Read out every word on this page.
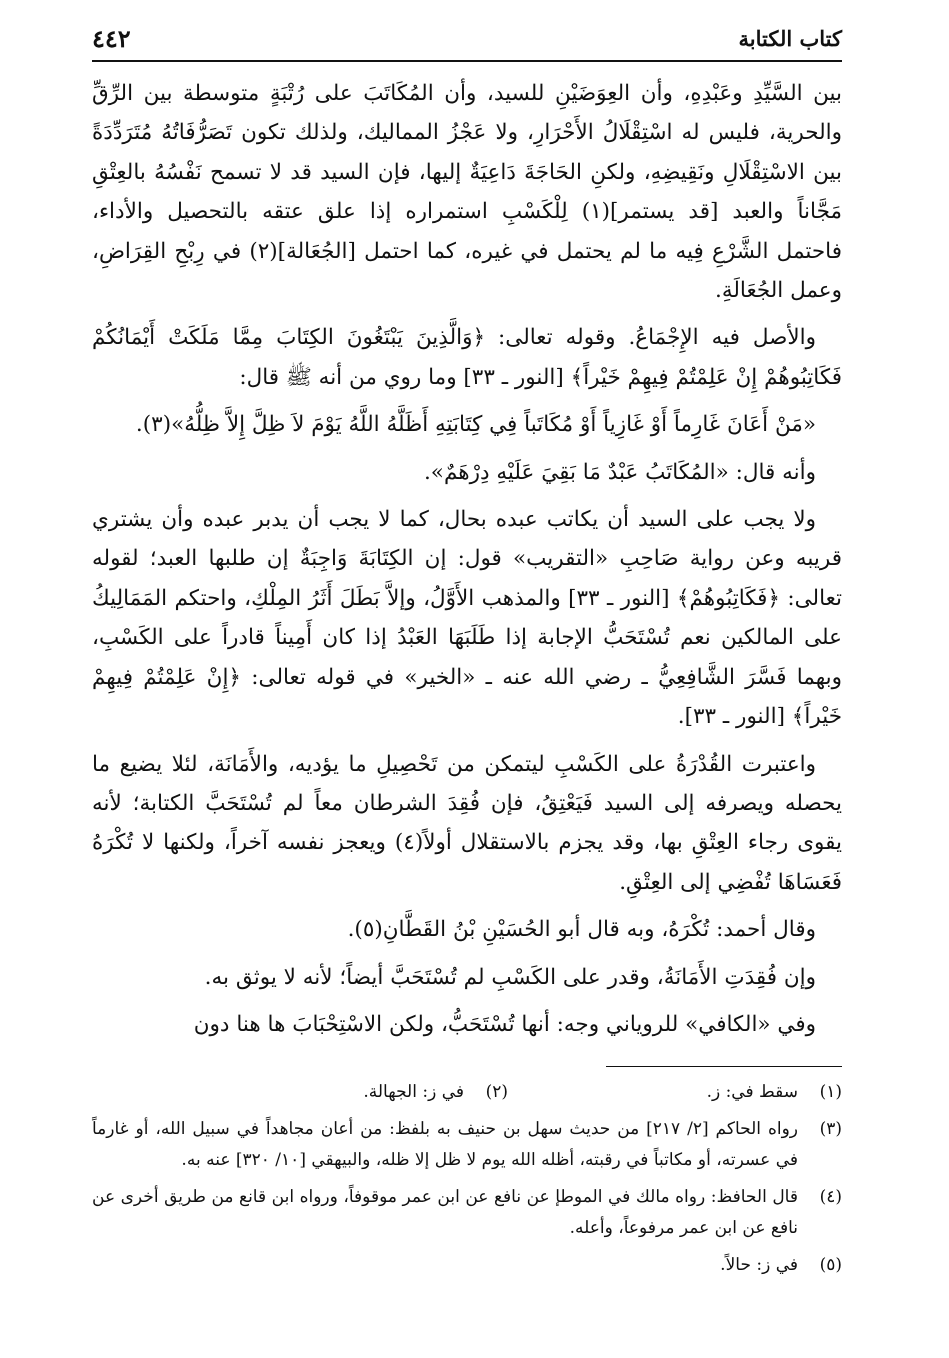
كتاب الكتابة
٤٤٢

بين السَّيِّدِ وعَبْدِهِ، وأن العِوَضَيْنِ للسيد، وأن المُكَاتَبَ على رُتْبَةٍ متوسطة بين الرِّقِّ والحرية، فليس له اسْتِقْلَالُ الأَحْرَارِ، ولا عَجْزُ المماليك، ولذلك تكون تَصَرُّفَاتُهُ مُتَرَدِّدَةً بين الاسْتِقْلَالِ ونَقِيضِهِ، ولكنِ الحَاجَةَ دَاعِيَةٌ إليها، فإن السيد قد لا تسمح نَفْسُهُ بالعِتْقِ مَجَّاناً والعبد [قد يستمر](١) لِلْكَسْبِ استمراره إذا علق عتقه بالتحصيل والأداء، فاحتمل الشَّرْعِ فِيه ما لم يحتمل في غيره، كما احتمل [الجُعَالة](٢) في رِبْحِ القِرَاضِ، وعمل الجُعَالَةِ.

والأصل فيه الإِجْمَاعُ. وقوله تعالى: ﴿وَالَّذِينَ يَبْتَغُونَ الكِتَابَ مِمَّا مَلَكَتْ أَيْمَانُكُمْ فَكَاتِبُوهُمْ إِنْ عَلِمْتُمْ فِيهِمْ خَيْراً﴾ [النور ـ ٣٣] وما روي من أنه ﷺ قال:

«مَنْ أَعَانَ غَارِماً أَوْ غَازِياً أَوْ مُكَاتَباً فِي كِتَابَتِهِ أَظَلَّهُ اللَّهُ يَوْمَ لاَ ظِلَّ إِلاَّ ظِلُّهُ»(٣).

وأنه قال: «المُكَاتَبُ عَبْدٌ مَا بَقِيَ عَلَيْهِ دِرْهَمٌ».

ولا يجب على السيد أن يكاتب عبده بحال، كما لا يجب أن يدبر عبده وأن يشتري قريبه وعن رواية صَاحِبِ «التقريب» قول: إن الكِتَابَةَ وَاجِبَةٌ إن طلبها العبد؛ لقوله تعالى: ﴿فَكَاتِبُوهُمْ﴾ [النور ـ ٣٣] والمذهب الأَوَّلُ، وإلاَّ بَطَلَ أَثَرُ المِلْكِ، واحتكم المَمَالِيكُ على المالكين نعم تُسْتَحَبُّ الإجابة إذا طَلَبَهَا العَبْدُ إذا كان أَمِيناً قادراً على الكَسْبِ، وبهما فَسَّرَ الشَّافِعِيُّ ـ رضي الله عنه ـ «الخير» في قوله تعالى: ﴿إِنْ عَلِمْتُمْ فِيهِمْ خَيْراً﴾ [النور ـ ٣٣].

واعتبرت القُدْرَةُ على الكَسْبِ ليتمكن من تَحْصِيلِ ما يؤديه، والأَمَانَة، لئلا يضيع ما يحصله ويصرفه إلى السيد فَيَعْتِقُ، فإن فُقِدَ الشرطان معاً لم تُسْتَحَبَّ الكتابة؛ لأنه يقوى رجاء العِتْقِ بها، وقد يجزم بالاستقلال أولاً(٤) ويعجز نفسه آخراً، ولكنها لا تُكْرَهُ فَعَسَاهَا تُفْضِي إلى العِتْقِ.

وقال أحمد: تُكْرَهُ، وبه قال أبو الحُسَيْنِ بْنُ القَطَّانِ(٥).

وإن فُقِدَتِ الأَمَانَةُ، وقدر على الكَسْبِ لم تُسْتَحَبَّ أيضاً؛ لأنه لا يوثق به.

وفي «الكافي» للروياني وجه: أنها تُسْتَحَبُّ، ولكن الاسْتِحْبَابَ ها هنا دون

(١)
سقط في: ز.
(٢)
في ز: الجهالة.
(٣)
رواه الحاكم [٢/ ٢١٧] من حديث سهل بن حنيف به بلفظ: من أعان مجاهداً في سبيل الله، أو غارماً في عسرته، أو مكاتباً في رقبته، أظله الله يوم لا ظل إلا ظله، والبيهقي [١٠/ ٣٢٠] عنه به.
(٤)
قال الحافظ: رواه مالك في الموطإ عن نافع عن ابن عمر موقوفاً، ورواه ابن قانع من طريق أخرى عن نافع عن ابن عمر مرفوعاً، وأعله.
(٥)
في ز: حالاً.
